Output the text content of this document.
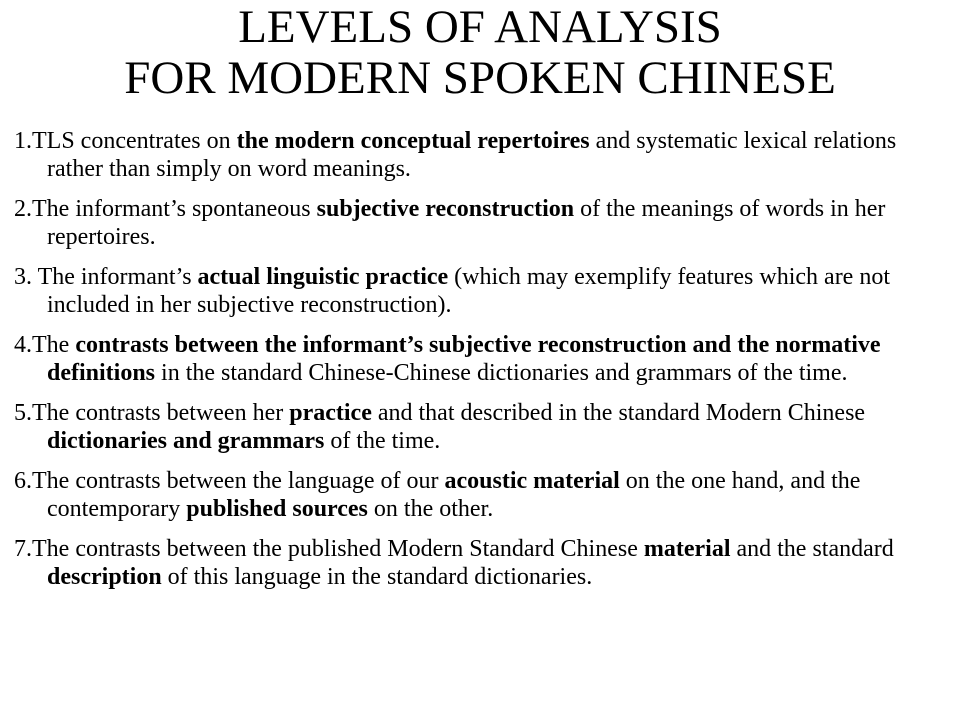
LEVELS OF ANALYSIS
FOR MODERN SPOKEN CHINESE
1.TLS concentrates on the modern conceptual repertoires and systematic lexical relations rather than simply on word meanings.
2.The informant’s spontaneous subjective reconstruction of the meanings of words in her repertoires.
3. The informant’s actual linguistic practice (which may exemplify features which are not included in her subjective reconstruction).
4.The contrasts between the informant’s subjective reconstruction and the normative definitions in the standard Chinese-Chinese dictionaries and grammars of the time.
5.The contrasts between her practice and that described in the standard Modern Chinese dictionaries and grammars of the time.
6.The contrasts between the language of our acoustic material on the one hand, and the contemporary published sources on the other.
7.The contrasts between the published Modern Standard Chinese material and the standard description of this language in the standard dictionaries.
